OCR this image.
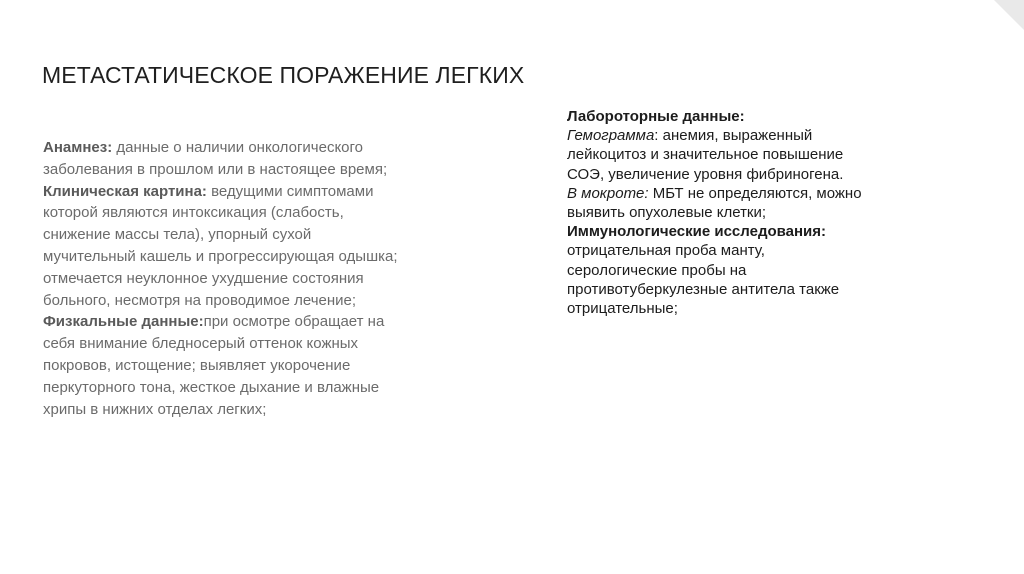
МЕТАСТАТИЧЕСКОЕ ПОРАЖЕНИЕ ЛЕГКИХ
Анамнез: данные о наличии онкологического
заболевания в прошлом или в настоящее время;
Клиническая картина: ведущими симптомами
которой являются интоксикация (слабость,
снижение массы тела), упорный сухой
мучительный кашель и прогрессирующая одышка;
отмечается неуклонное ухудшение состояния
больного, несмотря на проводимое лечение;
Физкальные данные:при осмотре обращает на
себя внимание бледносерый оттенок кожных
покровов, истощение; выявляет укорочение
перкуторного тона, жесткое дыхание и влажные
хрипы в нижних отделах легких;
Лабороторные данные:
Гемограмма: анемия, выраженный
лейкоцитоз и значительное повышение
СОЭ, увеличение уровня фибриногена.
В мокроте: МБТ не определяются, можно
выявить опухолевые клетки;
Иммунологические исследования:
отрицательная проба манту,
серологические пробы на
противотуберкулезные антитела также
отрицательные;
